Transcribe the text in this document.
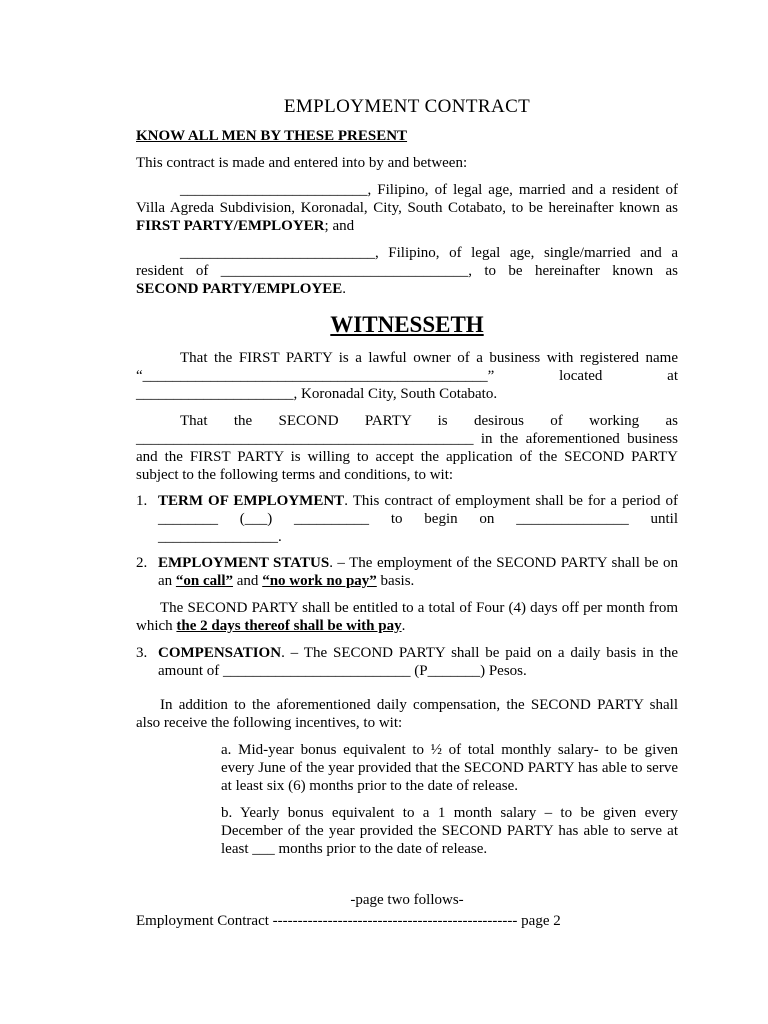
EMPLOYMENT CONTRACT

KNOW ALL MEN BY THESE PRESENT

This contract is made and entered into by and between:

_________________________, Filipino, of legal age, married and a resident of Villa Agreda Subdivision, Koronadal, City, South Cotabato, to be hereinafter known as FIRST PARTY/EMPLOYER; and

__________________________, Filipino, of legal age, single/married and a resident of _________________________________, to be hereinafter known as SECOND PARTY/EMPLOYEE.

WITNESSETH

That the FIRST PARTY is a lawful owner of a business with registered name “______________________________________________” located at _____________________, Koronadal City, South Cotabato.

That the SECOND PARTY is desirous of working as _____________________________________________ in the aforementioned business and the FIRST PARTY is willing to accept the application of the SECOND PARTY subject to the following terms and conditions, to wit:

1. TERM OF EMPLOYMENT. This contract of employment shall be for a period of ________ (___) __________ to begin on _______________ until ________________.
2. EMPLOYMENT STATUS. – The employment of the SECOND PARTY shall be on an “on call” and “no work no pay” basis.

The SECOND PARTY shall be entitled to a total of Four (4) days off per month from which the 2 days thereof shall be with pay.

3. COMPENSATION. – The SECOND PARTY shall be paid on a daily basis in the amount of _________________________ (P_______) Pesos.

In addition to the aforementioned daily compensation, the SECOND PARTY shall also receive the following incentives, to wit:

a. Mid-year bonus equivalent to ½ of total monthly salary- to be given every June of the year provided that the SECOND PARTY has able to serve at least six (6) months prior to the date of release.

b. Yearly bonus equivalent to a 1 month salary – to be given every December of the year provided the SECOND PARTY has able to serve at least ___ months prior to the date of release.

-page two follows-

Employment Contract ------------------------------------------------- page 2
